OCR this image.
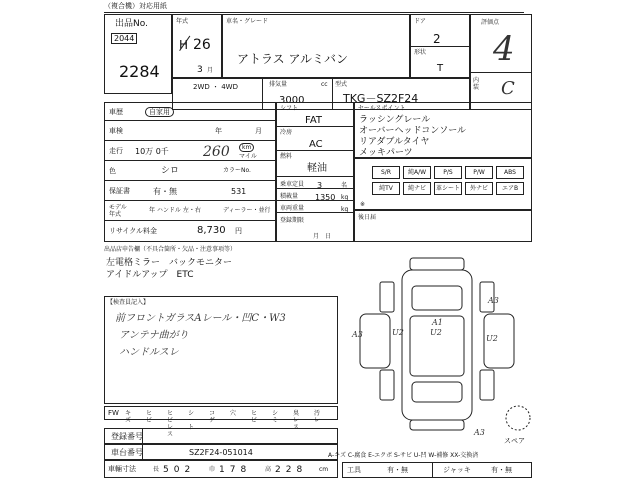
（複合機）対応用紙
出品No.
2044
2284
年式
H 26
3 月
車名・グレード
アトラス アルミバン
ドア
2
形状
T
評価点
4
内装 C
2WD ・ 4WD	排気量	cc
3000
型式
TKG－SZ2F24
車歴	自家用
車検	年	月
走行 10万 0千 260	km
マイル
色	シロ	カラーNo.
保証書	有・無	531
モデル年式
年 ハンドル 左・右	ディーラー・並行
リサイクル料金	8,730 円
シフト
FAT
冷房
AC
燃料
軽油
乗車定員 3	名
積載量 1350 kg
車両重量	kg
登録期限
月　日
セールスポイント
ラッシングレール
オーバーヘッドコンソール
リアダブルタイヤ
メッキパーツ
S/R	純A/W	P/S	P/W	ABS
純TV	純ナビ	革シート	外ナビ	エアB
※
後日届
出品店申告欄（不具合箇所・欠品・注意事項等）
左電格ミラー　バックモニター
アイドルアップ　ETC
【検査員記入】
前フロントガラスAレール・凹C・W3
アンテナ曲がり
ハンドルスレ
A3	U2	U2
A1
U2
A3
A3
スペア
FW キズ
ヒビ
ヒビレス
シート
コゲ
穴 ヒビ
シミ
臭レス
汚レ
登録番号
車台番号	SZ2F24-051014
車輛寸法	長 502 巾 178 高 228 cm
A-キズ C-腐食 E-エクボ S-サビ U-凹 W-補修 XX-交換済
工具	有・無	ジャッキ	有・無
